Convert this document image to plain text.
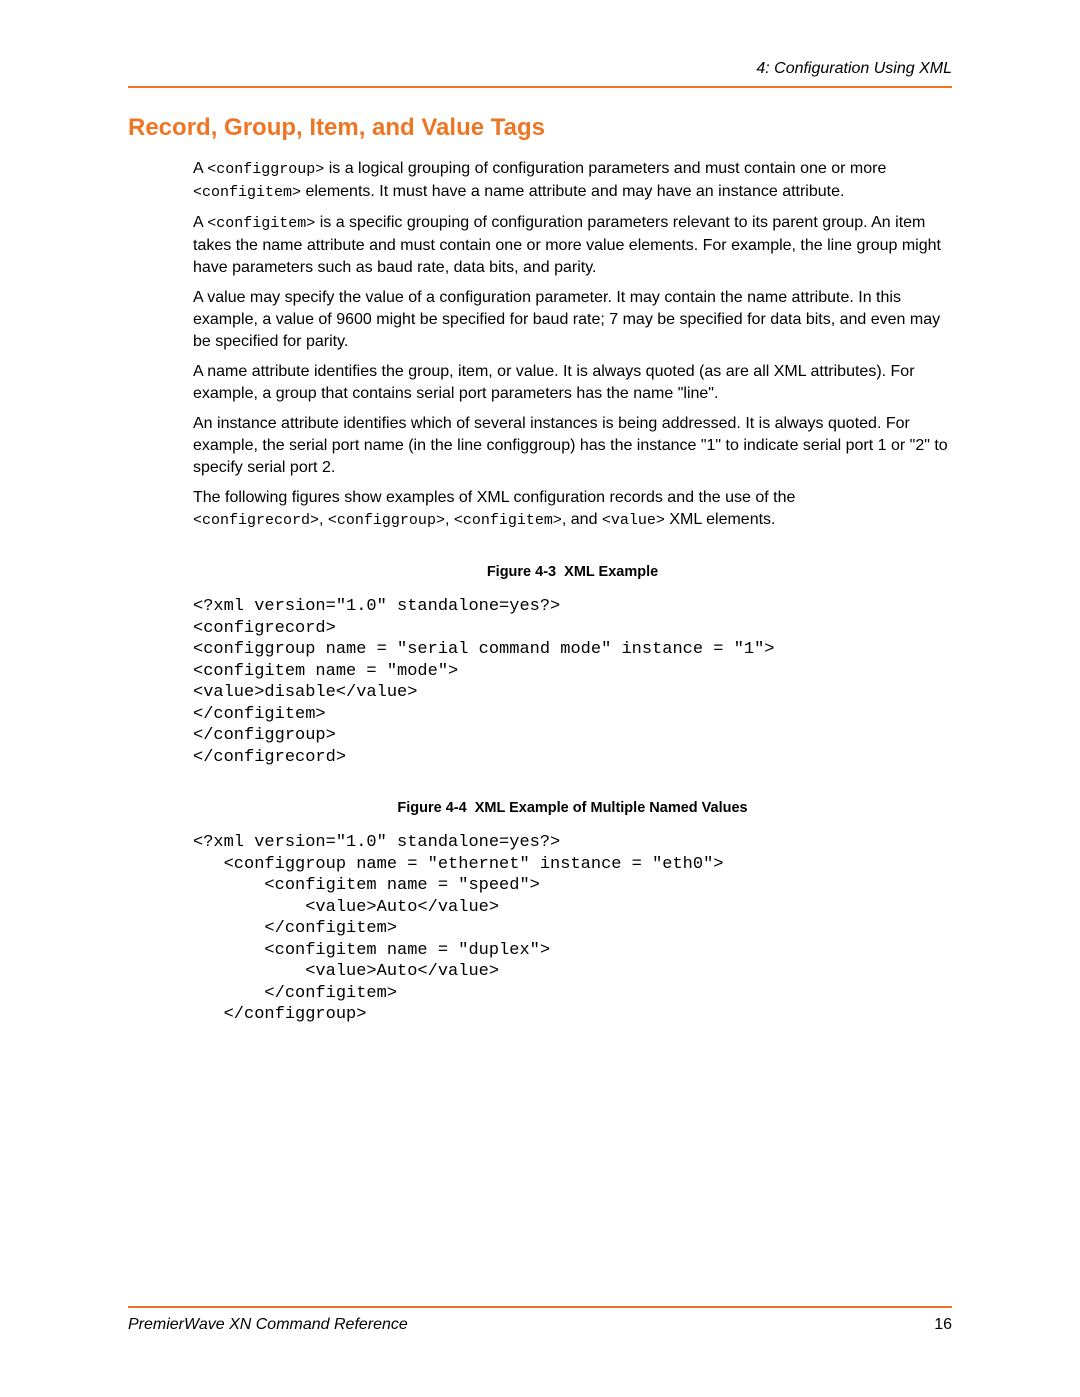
4: Configuration Using XML
Record, Group, Item, and Value Tags

A <configgroup> is a logical grouping of configuration parameters and must contain one or more <configitem> elements. It must have a name attribute and may have an instance attribute.

A <configitem> is a specific grouping of configuration parameters relevant to its parent group. An item takes the name attribute and must contain one or more value elements. For example, the line group might have parameters such as baud rate, data bits, and parity.

A value may specify the value of a configuration parameter. It may contain the name attribute. In this example, a value of 9600 might be specified for baud rate; 7 may be specified for data bits, and even may be specified for parity.

A name attribute identifies the group, item, or value. It is always quoted (as are all XML attributes). For example, a group that contains serial port parameters has the name "line".

An instance attribute identifies which of several instances is being addressed. It is always quoted. For example, the serial port name (in the line configgroup) has the instance "1" to indicate serial port 1 or "2" to specify serial port 2.

The following figures show examples of XML configuration records and the use of the
<configrecord>, <configgroup>, <configitem>, and <value> XML elements.

Figure 4-3  XML Example
<?xml version="1.0" standalone=yes?>
<configrecord>
<configgroup name = "serial command mode" instance = "1">
<configitem name = "mode">
<value>disable</value>
</configitem>
</configgroup>
</configrecord>
Figure 4-4  XML Example of Multiple Named Values
<?xml version="1.0" standalone=yes?>
<configgroup name = "ethernet" instance = "eth0">
<configitem name = "speed">
<value>Auto</value>
</configitem>
<configitem name = "duplex">
<value>Auto</value>
</configitem>
</configgroup>
PremierWave XN Command Reference	16
